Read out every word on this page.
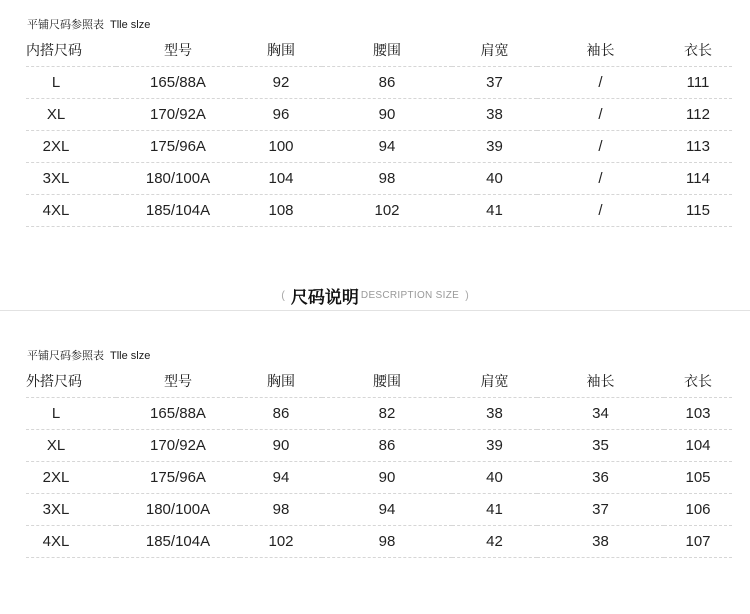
平铺尺码参照表 Tlle slze
内搭尺码	型号	胸围	腰围	肩宽	袖长	衣长
L	165/88A	92	86	37	/	111
XL	170/92A	96	90	38	/	112
2XL	175/96A	100	94	39	/	113
3XL	180/100A	104	98	40	/	114
4XL	185/104A	108	102	41	/	115
( 尺码说明 DESCRIPTION SIZE )
平铺尺码参照表 Tlle slze
外搭尺码	型号	胸围	腰围	肩宽	袖长	衣长
L	165/88A	86	82	38	34	103
XL	170/92A	90	86	39	35	104
2XL	175/96A	94	90	40	36	105
3XL	180/100A	98	94	41	37	106
4XL	185/104A	102	98	42	38	107
